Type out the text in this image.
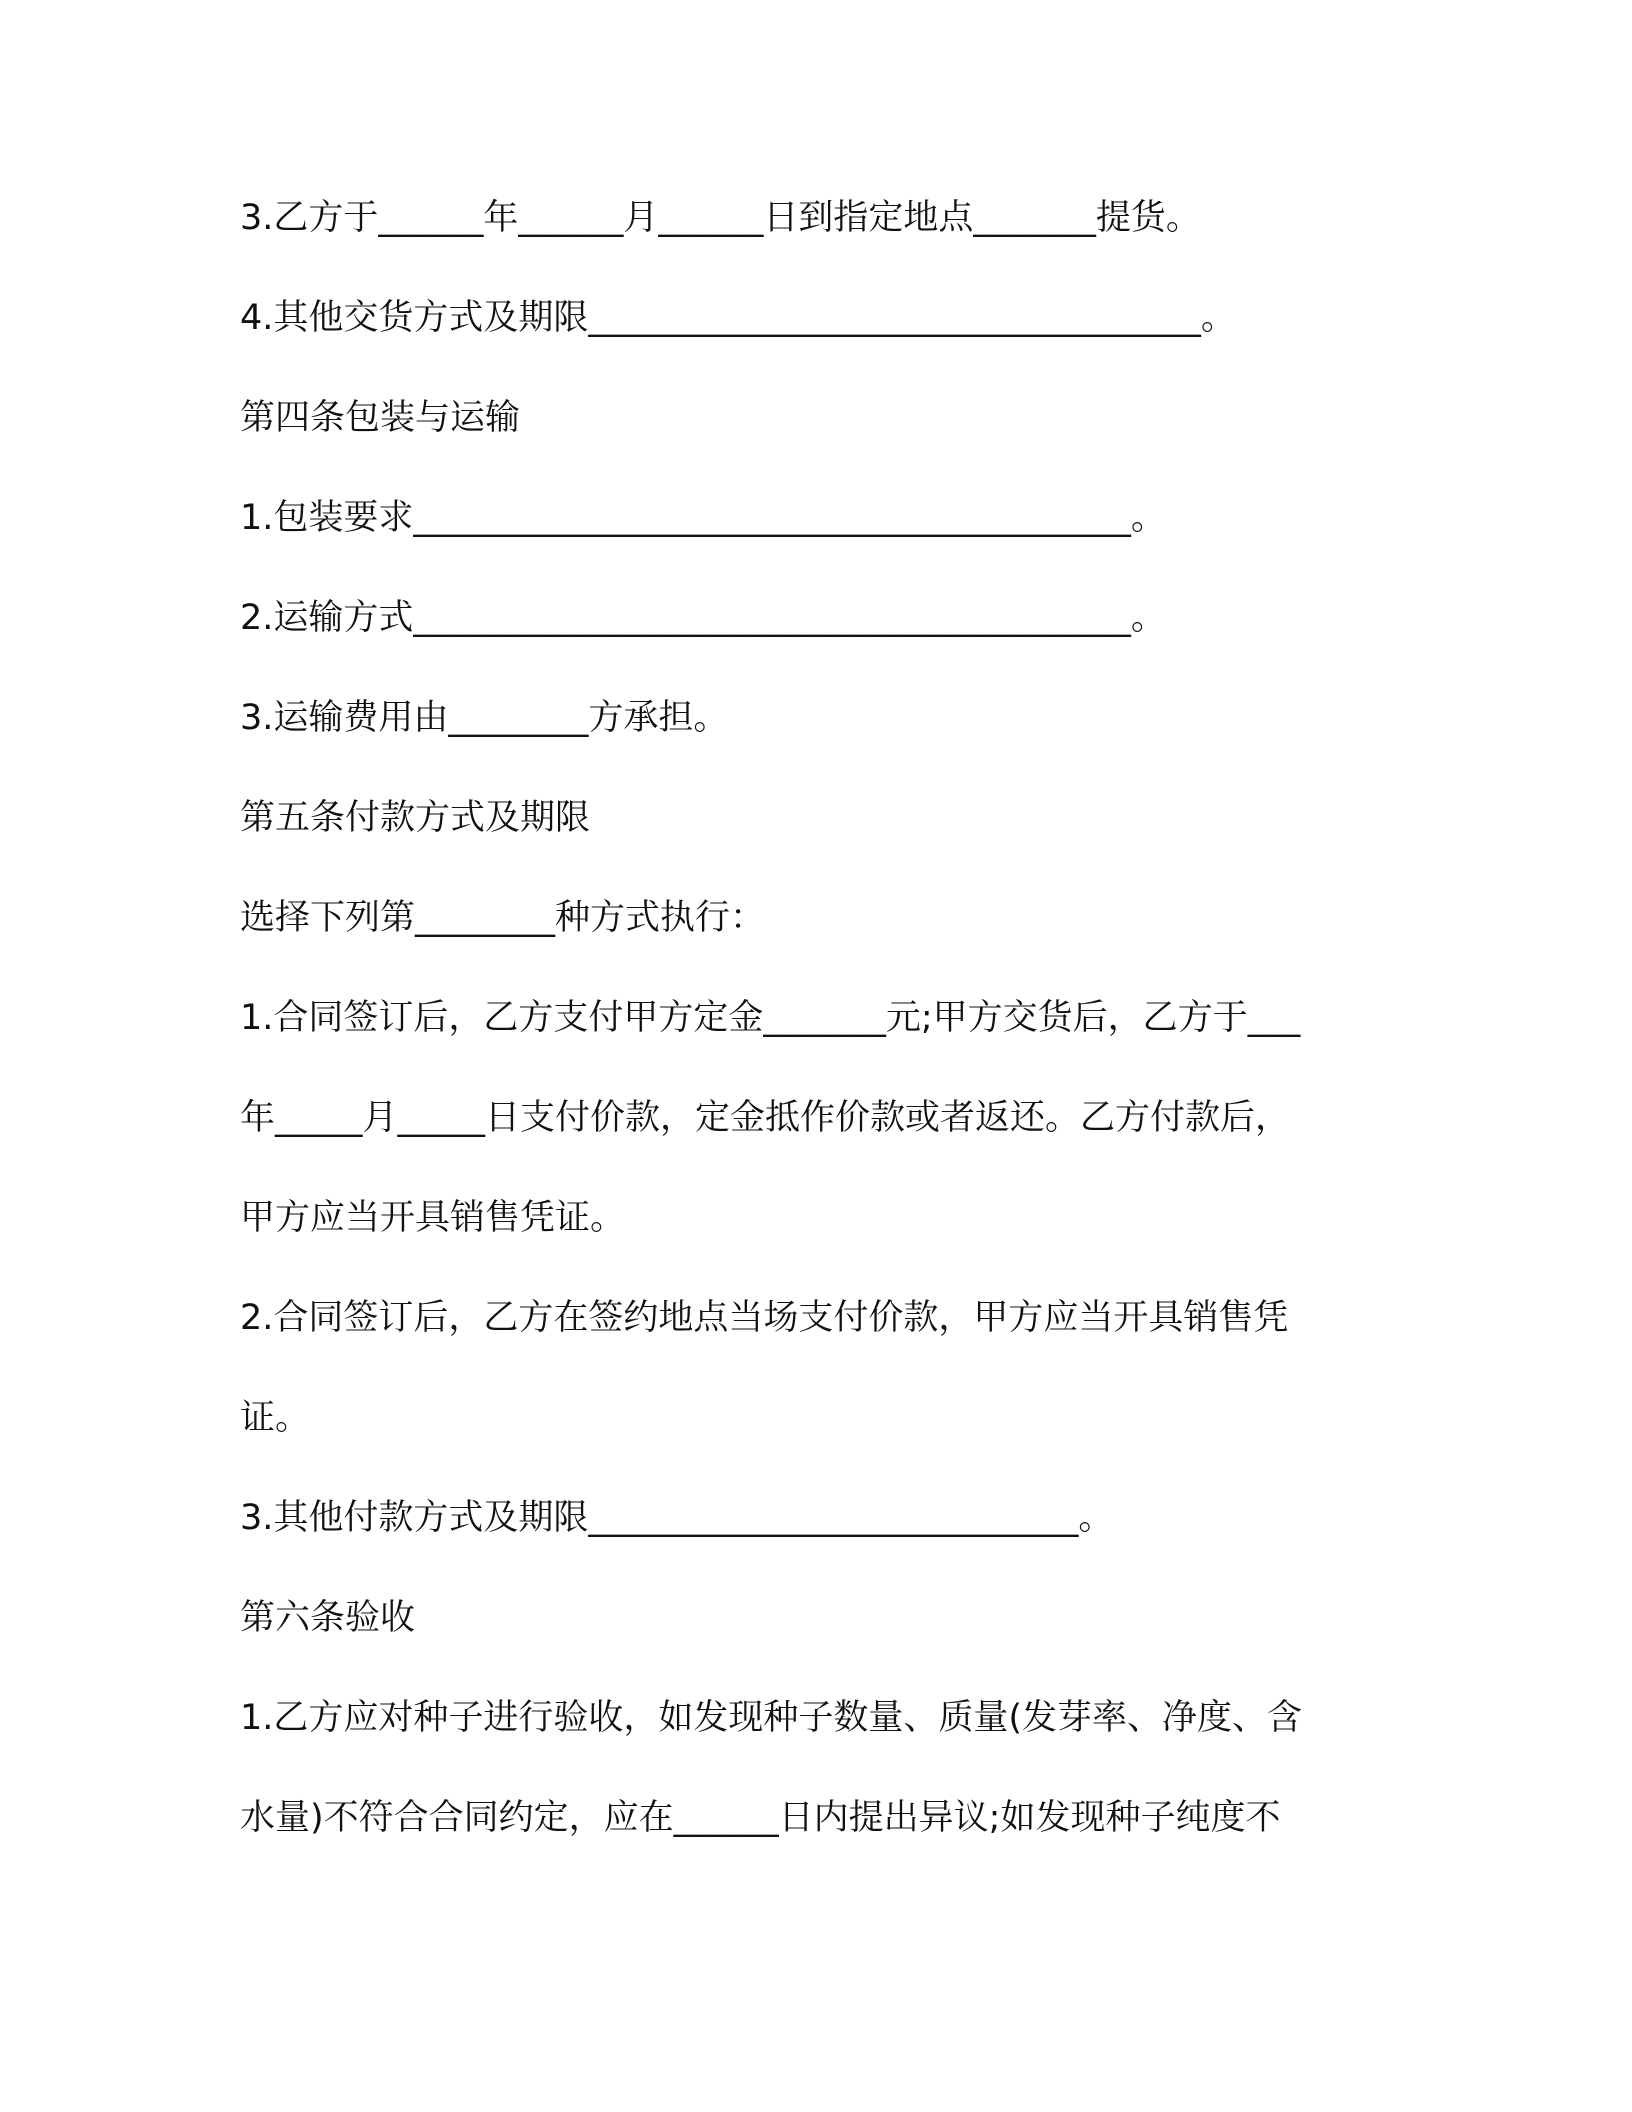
3.乙方于______年______月______日到指定地点_______提货。
4.其他交货方式及期限___________________________________。
第四条包装与运输
1.包装要求_________________________________________。
2.运输方式_________________________________________。
3.运输费用由________方承担。
第五条付款方式及期限
选择下列第________种方式执行：
1.合同签订后，乙方支付甲方定金_______元;甲方交货后，乙方于___
年_____月_____日支付价款，定金抵作价款或者返还。乙方付款后，
甲方应当开具销售凭证。
2.合同签订后，乙方在签约地点当场支付价款，甲方应当开具销售凭
证。
3.其他付款方式及期限____________________________。
第六条验收
1.乙方应对种子进行验收，如发现种子数量、质量(发芽率、净度、含
水量)不符合合同约定，应在______日内提出异议;如发现种子纯度不
